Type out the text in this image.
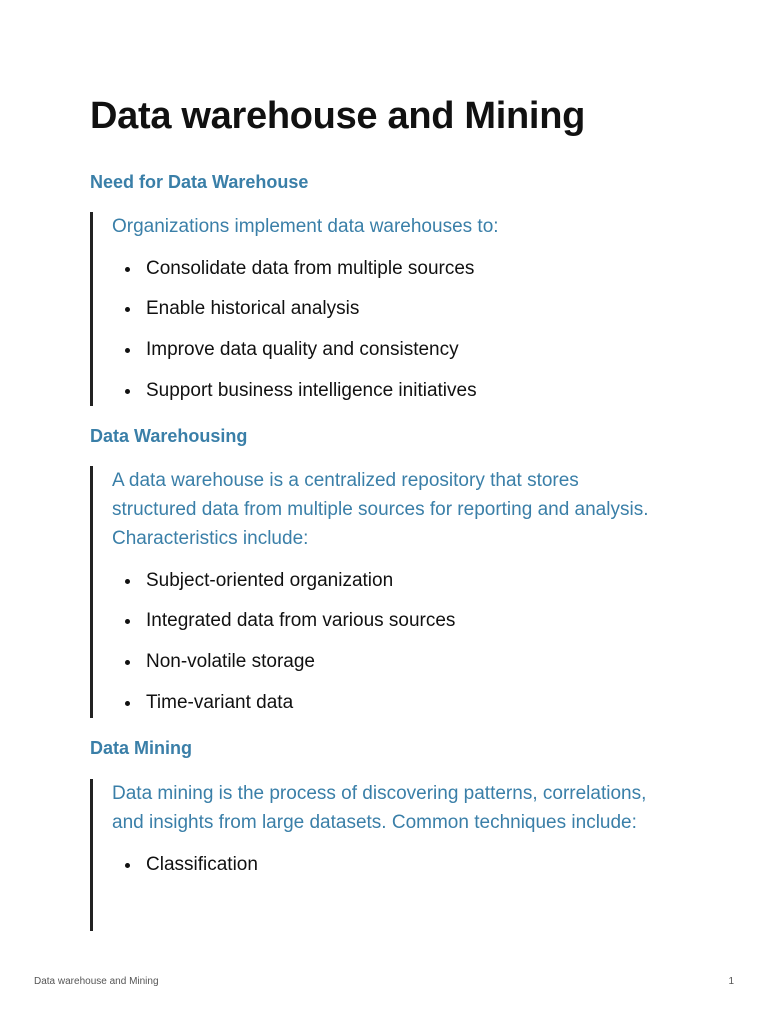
Data warehouse and Mining
Need for Data Warehouse

Organizations implement data warehouses to:

Consolidate data from multiple sources
Enable historical analysis
Improve data quality and consistency
Support business intelligence initiatives
Data Warehousing

A data warehouse is a centralized repository that stores structured data from multiple sources for reporting and analysis. Characteristics include:

Subject-oriented organization
Integrated data from various sources
Non-volatile storage
Time-variant data
Data Mining

Data mining is the process of discovering patterns, correlations, and insights from large datasets. Common techniques include:

Classification
Data warehouse and Mining	1
